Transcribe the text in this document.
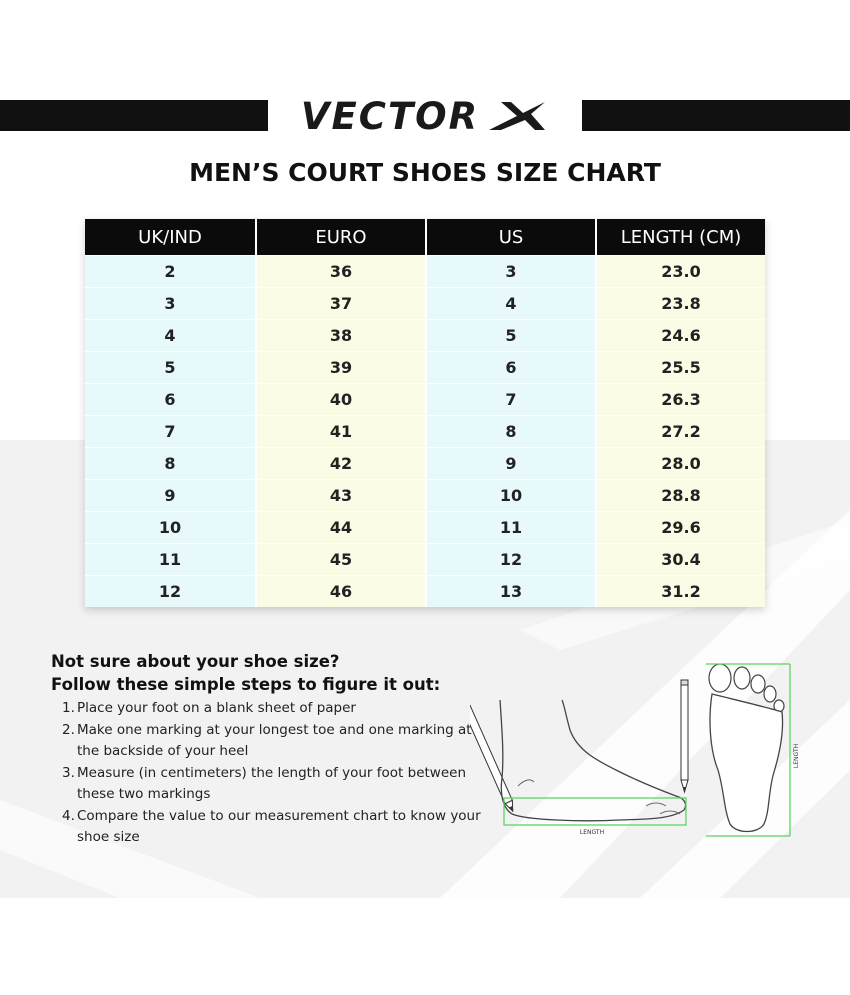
VECTOR
MEN’S COURT SHOES SIZE CHART
UK/IND	EURO	US	LENGTH (CM)
2	36	3	23.0
3	37	4	23.8
4	38	5	24.6
5	39	6	25.5
6	40	7	26.3
7	41	8	27.2
8	42	9	28.0
9	43	10	28.8
10	44	11	29.6
11	45	12	30.4
12	46	13	31.2
Not sure about your shoe size?
Follow these simple steps to figure it out:
1. Place your foot on a blank sheet of paper
2. Make one marking at your longest toe and one marking at the backside of your heel
3. Measure (in centimeters) the length of your foot between these two markings
4. Compare the value to our measurement chart to know your shoe size	LENGTH
LENGTH
